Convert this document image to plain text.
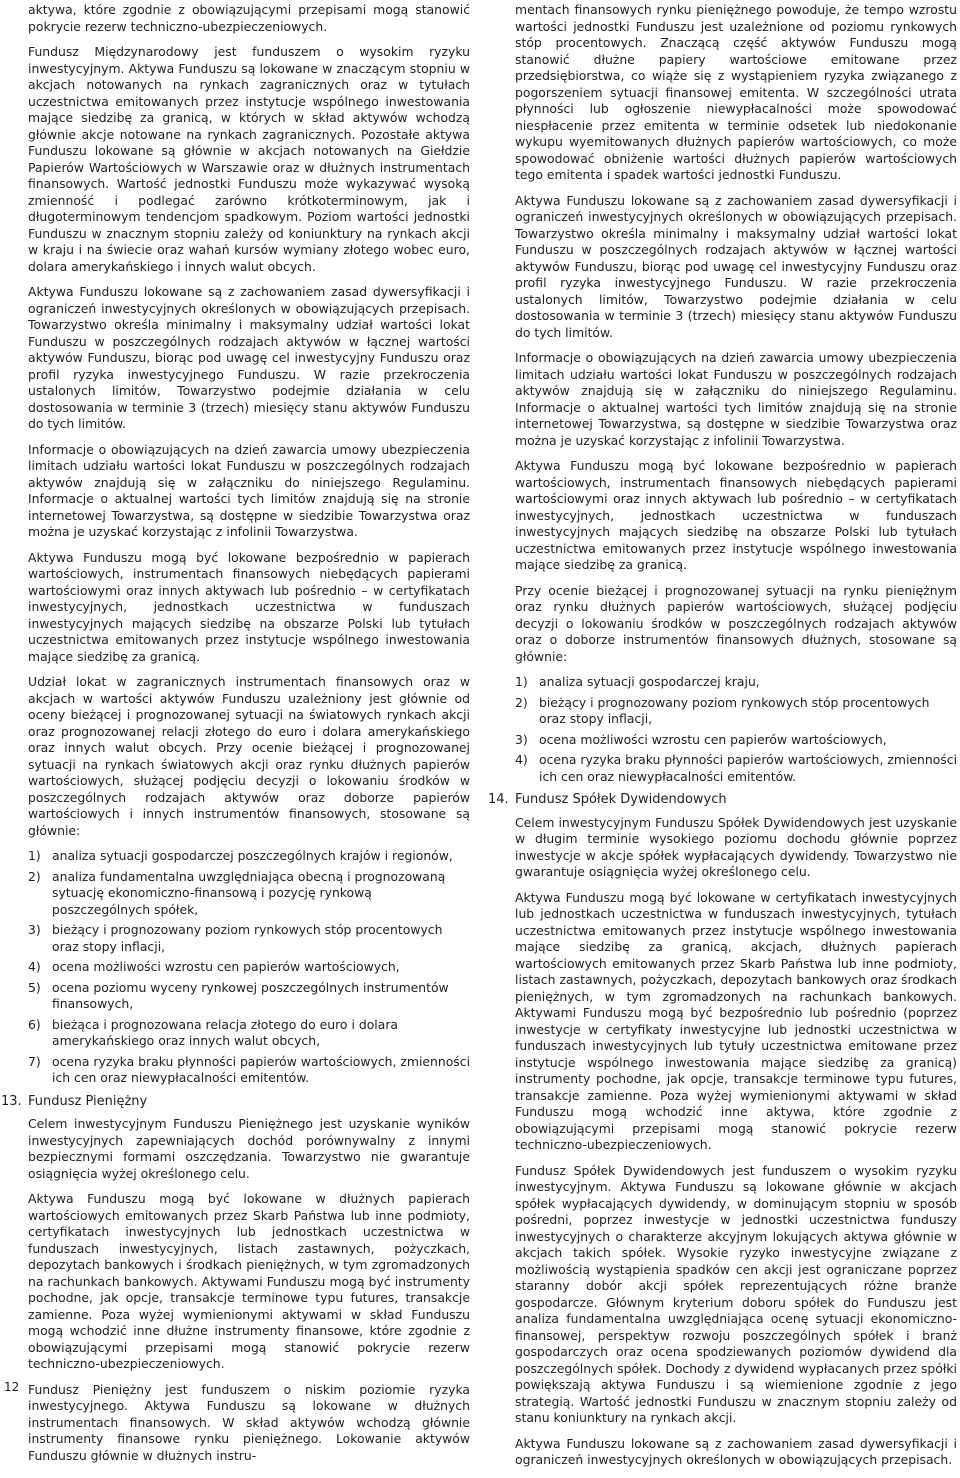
aktywa, które zgodnie z obowiązującymi przepisami mogą stanowić pokrycie rezerw techniczno-ubezpieczeniowych.

Fundusz Międzynarodowy jest funduszem o wysokim ryzyku inwestycyjnym. Aktywa Funduszu są lokowane w znaczącym stopniu w akcjach notowanych na rynkach zagranicznych oraz w tytułach uczestnictwa emitowanych przez instytucje wspólnego inwestowania mające siedzibę za granicą, w których w skład aktywów wchodzą głównie akcje notowane na rynkach zagranicznych. Pozostałe aktywa Funduszu lokowane są głównie w akcjach notowanych na Giełdzie Papierów Wartościowych w Warszawie oraz w dłużnych instrumentach finansowych. Wartość jednostki Funduszu może wykazywać wysoką zmienność i podlegać zarówno krótkoterminowym, jak i długoterminowym tendencjom spadkowym. Poziom wartości jednostki Funduszu w znacznym stopniu zależy od koniunktury na rynkach akcji w kraju i na świecie oraz wahań kursów wymiany złotego wobec euro, dolara amerykańskiego i innych walut obcych.

Aktywa Funduszu lokowane są z zachowaniem zasad dywersyfikacji i ograniczeń inwestycyjnych określonych w obowiązujących przepisach. Towarzystwo określa minimalny i maksymalny udział wartości lokat Funduszu w poszczególnych rodzajach aktywów w łącznej wartości aktywów Funduszu, biorąc pod uwagę cel inwestycyjny Funduszu oraz profil ryzyka inwestycyjnego Funduszu. W razie przekroczenia ustalonych limitów, Towarzystwo podejmie działania w celu dostosowania w terminie 3 (trzech) miesięcy stanu aktywów Funduszu do tych limitów.

Informacje o obowiązujących na dzień zawarcia umowy ubezpieczenia limitach udziału wartości lokat Funduszu w poszczególnych rodzajach aktywów znajdują się w załączniku do niniejszego Regulaminu. Informacje o aktualnej wartości tych limitów znajdują się na stronie internetowej Towarzystwa, są dostępne w siedzibie Towarzystwa oraz można je uzyskać korzystając z infolinii Towarzystwa.

Aktywa Funduszu mogą być lokowane bezpośrednio w papierach wartościowych, instrumentach finansowych niebędących papierami wartościowymi oraz innych aktywach lub pośrednio – w certyfikatach inwestycyjnych, jednostkach uczestnictwa w funduszach inwestycyjnych mających siedzibę na obszarze Polski lub tytułach uczestnictwa emitowanych przez instytucje wspólnego inwestowania mające siedzibę za granicą.

Udział lokat w zagranicznych instrumentach finansowych oraz w akcjach w wartości aktywów Funduszu uzależniony jest głównie od oceny bieżącej i prognozowanej sytuacji na światowych rynkach akcji oraz prognozowanej relacji złotego do euro i dolara amerykańskiego oraz innych walut obcych. Przy ocenie bieżącej i prognozowanej sytuacji na rynkach światowych akcji oraz rynku dłużnych papierów wartościowych, służącej podjęciu decyzji o lokowaniu środków w poszczególnych rodzajach aktywów oraz doborze papierów wartościowych i innych instrumentów finansowych, stosowane są głównie:

1) analiza sytuacji gospodarczej poszczególnych krajów i regionów,
2) analiza fundamentalna uwzględniająca obecną i prognozowaną sytuację ekonomiczno-finansową i pozycję rynkową poszczególnych spółek,
3) bieżący i prognozowany poziom rynkowych stóp procentowych oraz stopy inflacji,
4) ocena możliwości wzrostu cen papierów wartościowych,
5) ocena poziomu wyceny rynkowej poszczególnych instrumentów finansowych,
6) bieżąca i prognozowana relacja złotego do euro i dolara amerykańskiego oraz innych walut obcych,
7) ocena ryzyka braku płynności papierów wartościowych, zmienności ich cen oraz niewypłacalności emitentów.
13. Fundusz Pieniężny

Celem inwestycyjnym Funduszu Pieniężnego jest uzyskanie wyników inwestycyjnych zapewniających dochód porównywalny z innymi bezpiecznymi formami oszczędzania. Towarzystwo nie gwarantuje osiągnięcia wyżej określonego celu.

Aktywa Funduszu mogą być lokowane w dłużnych papierach wartościowych emitowanych przez Skarb Państwa lub inne podmioty, certyfikatach inwestycyjnych lub jednostkach uczestnictwa w funduszach inwestycyjnych, listach zastawnych, pożyczkach, depozytach bankowych i środkach pieniężnych, w tym zgromadzonych na rachunkach bankowych. Aktywami Funduszu mogą być instrumenty pochodne, jak opcje, transakcje terminowe typu futures, transakcje zamienne. Poza wyżej wymienionymi aktywami w skład Funduszu mogą wchodzić inne dłużne instrumenty finansowe, które zgodnie z obowiązującymi przepisami mogą stanowić pokrycie rezerw techniczno-ubezpieczeniowych.

Fundusz Pieniężny jest funduszem o niskim poziomie ryzyka inwestycyjnego. Aktywa Funduszu są lokowane w dłużnych instrumentach finansowych. W skład aktywów wchodzą głównie instrumenty finansowe rynku pieniężnego. Lokowanie aktywów Funduszu głównie w dłużnych instru-

mentach finansowych rynku pieniężnego powoduje, że tempo wzrostu wartości jednostki Funduszu jest uzależnione od poziomu rynkowych stóp procentowych. Znaczącą część aktywów Funduszu mogą stanowić dłużne papiery wartościowe emitowane przez przedsiębiorstwa, co wiąże się z wystąpieniem ryzyka związanego z pogorszeniem sytuacji finansowej emitenta. W szczególności utrata płynności lub ogłoszenie niewypłacalności może spowodować niespłacenie przez emitenta w terminie odsetek lub niedokonanie wykupu wyemitowanych dłużnych papierów wartościowych, co może spowodować obniżenie wartości dłużnych papierów wartościowych tego emitenta i spadek wartości jednostki Funduszu.

Aktywa Funduszu lokowane są z zachowaniem zasad dywersyfikacji i ograniczeń inwestycyjnych określonych w obowiązujących przepisach. Towarzystwo określa minimalny i maksymalny udział wartości lokat Funduszu w poszczególnych rodzajach aktywów w łącznej wartości aktywów Funduszu, biorąc pod uwagę cel inwestycyjny Funduszu oraz profil ryzyka inwestycyjnego Funduszu. W razie przekroczenia ustalonych limitów, Towarzystwo podejmie działania w celu dostosowania w terminie 3 (trzech) miesięcy stanu aktywów Funduszu do tych limitów.

Informacje o obowiązujących na dzień zawarcia umowy ubezpieczenia limitach udziału wartości lokat Funduszu w poszczególnych rodzajach aktywów znajdują się w załączniku do niniejszego Regulaminu. Informacje o aktualnej wartości tych limitów znajdują się na stronie internetowej Towarzystwa, są dostępne w siedzibie Towarzystwa oraz można je uzyskać korzystając z infolinii Towarzystwa.

Aktywa Funduszu mogą być lokowane bezpośrednio w papierach wartościowych, instrumentach finansowych niebędących papierami wartościowymi oraz innych aktywach lub pośrednio – w certyfikatach inwestycyjnych, jednostkach uczestnictwa w funduszach inwestycyjnych mających siedzibę na obszarze Polski lub tytułach uczestnictwa emitowanych przez instytucje wspólnego inwestowania mające siedzibę za granicą.

Przy ocenie bieżącej i prognozowanej sytuacji na rynku pieniężnym oraz rynku dłużnych papierów wartościowych, służącej podjęciu decyzji o lokowaniu środków w poszczególnych rodzajach aktywów oraz o doborze instrumentów finansowych dłużnych, stosowane są głównie:

1) analiza sytuacji gospodarczej kraju,
2) bieżący i prognozowany poziom rynkowych stóp procentowych oraz stopy inflacji,
3) ocena możliwości wzrostu cen papierów wartościowych,
4) ocena ryzyka braku płynności papierów wartościowych, zmienności ich cen oraz niewypłacalności emitentów.
14. Fundusz Spółek Dywidendowych

Celem inwestycyjnym Funduszu Spółek Dywidendowych jest uzyskanie w długim terminie wysokiego poziomu dochodu głównie poprzez inwestycje w akcje spółek wypłacających dywidendy. Towarzystwo nie gwarantuje osiągnięcia wyżej określonego celu.

Aktywa Funduszu mogą być lokowane w certyfikatach inwestycyjnych lub jednostkach uczestnictwa w funduszach inwestycyjnych, tytułach uczestnictwa emitowanych przez instytucje wspólnego inwestowania mające siedzibę za granicą, akcjach, dłużnych papierach wartościowych emitowanych przez Skarb Państwa lub inne podmioty, listach zastawnych, pożyczkach, depozytach bankowych oraz środkach pieniężnych, w tym zgromadzonych na rachunkach bankowych. Aktywami Funduszu mogą być bezpośrednio lub pośrednio (poprzez inwestycje w certyfikaty inwestycyjne lub jednostki uczestnictwa w funduszach inwestycyjnych lub tytuły uczestnictwa emitowane przez instytucje wspólnego inwestowania mające siedzibę za granicą) instrumenty pochodne, jak opcje, transakcje terminowe typu futures, transakcje zamienne. Poza wyżej wymienionymi aktywami w skład Funduszu mogą wchodzić inne aktywa, które zgodnie z obowiązującymi przepisami mogą stanowić pokrycie rezerw techniczno-ubezpieczeniowych.

Fundusz Spółek Dywidendowych jest funduszem o wysokim ryzyku inwestycyjnym. Aktywa Funduszu są lokowane głównie w akcjach spółek wypłacających dywidendy, w dominującym stopniu w sposób pośredni, poprzez inwestycje w jednostki uczestnictwa funduszy inwestycyjnych o charakterze akcyjnym lokujących aktywa głównie w akcjach takich spółek. Wysokie ryzyko inwestycyjne związane z możliwością wystąpienia spadków cen akcji jest ograniczane poprzez staranny dobór akcji spółek reprezentujących różne branże gospodarcze. Głównym kryterium doboru spółek do Funduszu jest analiza fundamentalna uwzględniająca ocenę sytuacji ekonomiczno-finansowej, perspektyw rozwoju poszczególnych spółek i branż gospodarczych oraz ocena spodziewanych poziomów dywidend dla poszczególnych spółek. Dochody z dywidend wypłacanych przez spółki powiększają aktywa Funduszu i są wiemienione zgodnie z jego strategią. Wartość jednostki Funduszu w znacznym stopniu zależy od stanu koniunktury na rynkach akcji.

Aktywa Funduszu lokowane są z zachowaniem zasad dywersyfikacji i ograniczeń inwestycyjnych określonych w obowiązujących przepisach.

12
